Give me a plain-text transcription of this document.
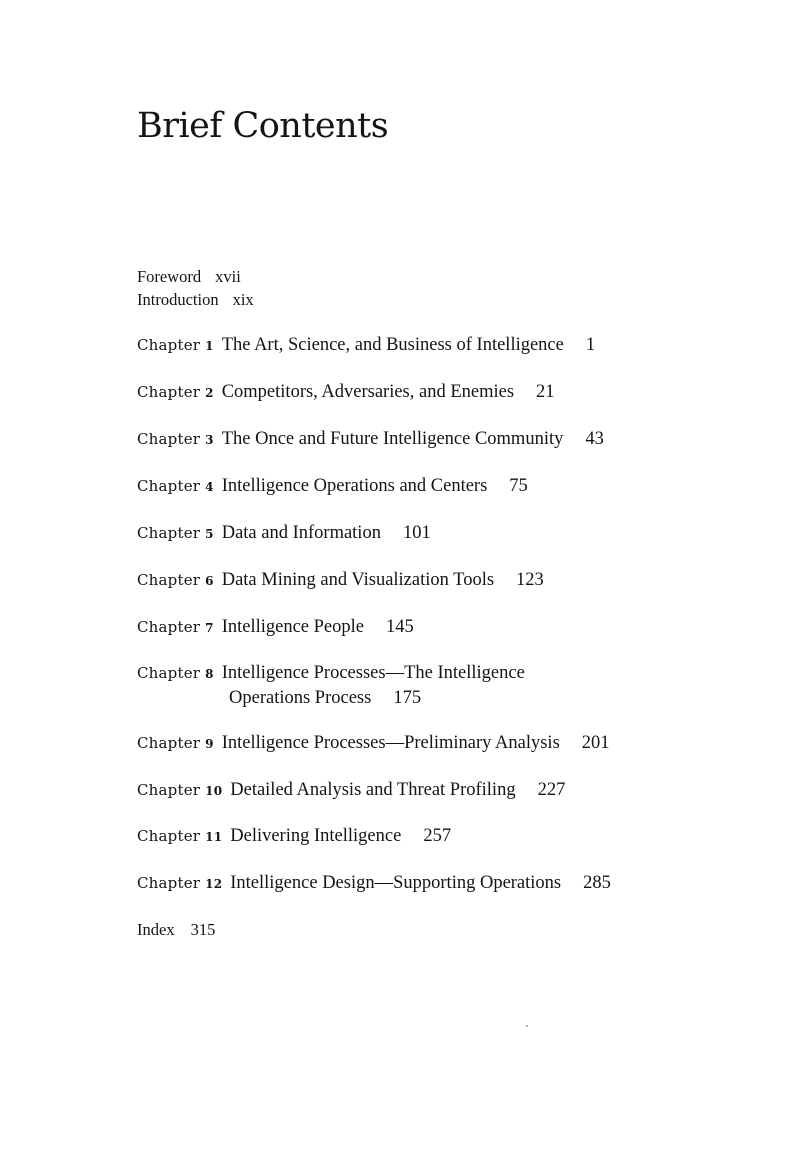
Brief Contents
Foreword xvii
Introduction xix
Chapter 1 The Art, Science, and Business of Intelligence 1
Chapter 2 Competitors, Adversaries, and Enemies 21
Chapter 3 The Once and Future Intelligence Community 43
Chapter 4 Intelligence Operations and Centers 75
Chapter 5 Data and Information 101
Chapter 6 Data Mining and Visualization Tools 123
Chapter 7 Intelligence People 145
Chapter 8 Intelligence Processes—The Intelligence
Operations Process 175
Chapter 9 Intelligence Processes—Preliminary Analysis 201
Chapter 10 Detailed Analysis and Threat Profiling 227
Chapter 11 Delivering Intelligence 257
Chapter 12 Intelligence Design—Supporting Operations 285
Index 315
